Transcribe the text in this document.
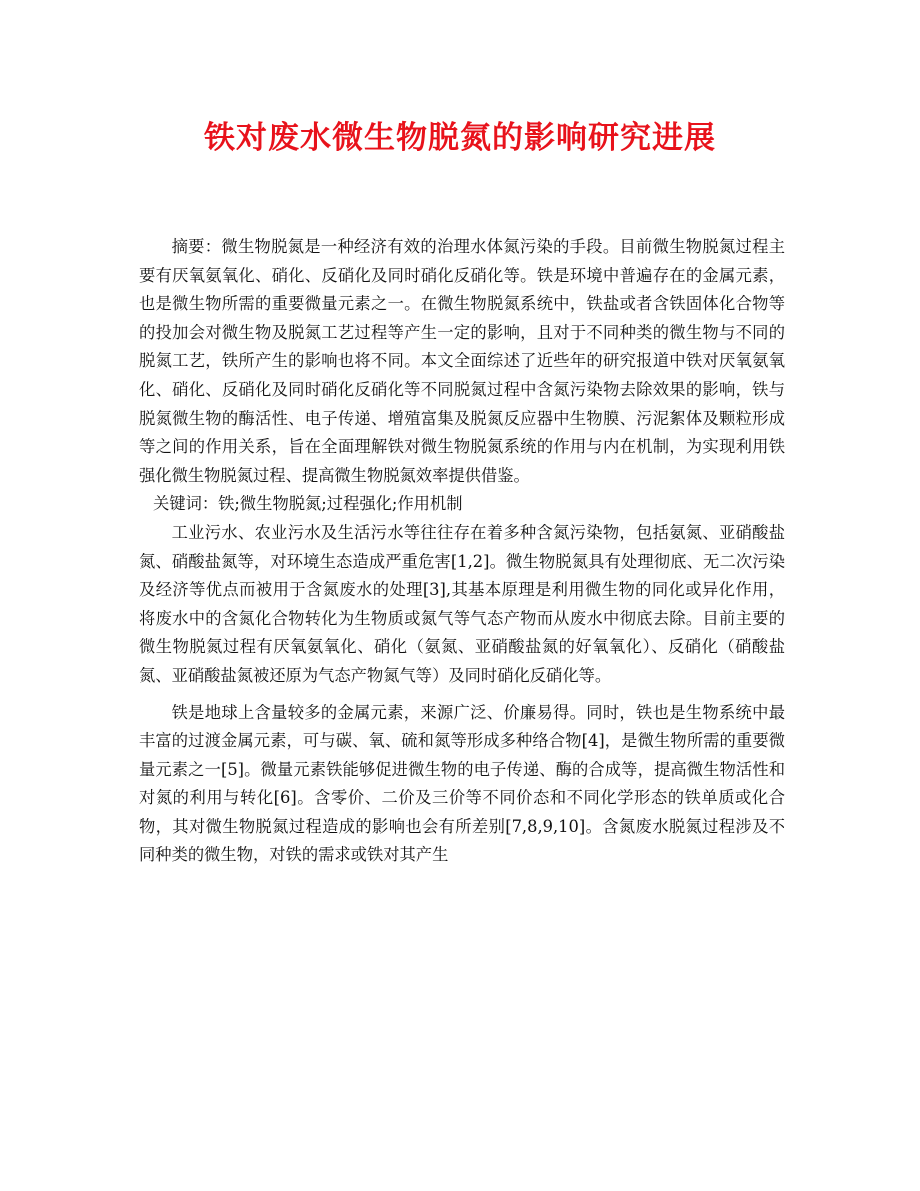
铁对废水微生物脱氮的影响研究进展

摘要：微生物脱氮是一种经济有效的治理水体氮污染的手段。目前微生物脱氮过程主要有厌氧氨氧化、硝化、反硝化及同时硝化反硝化等。铁是环境中普遍存在的金属元素，也是微生物所需的重要微量元素之一。在微生物脱氮系统中，铁盐或者含铁固体化合物等的投加会对微生物及脱氮工艺过程等产生一定的影响，且对于不同种类的微生物与不同的脱氮工艺，铁所产生的影响也将不同。本文全面综述了近些年的研究报道中铁对厌氧氨氧化、硝化、反硝化及同时硝化反硝化等不同脱氮过程中含氮污染物去除效果的影响，铁与脱氮微生物的酶活性、电子传递、增殖富集及脱氮反应器中生物膜、污泥絮体及颗粒形成等之间的作用关系，旨在全面理解铁对微生物脱氮系统的作用与内在机制，为实现利用铁强化微生物脱氮过程、提高微生物脱氮效率提供借鉴。

关键词：铁;微生物脱氮;过程强化;作用机制

工业污水、农业污水及生活污水等往往存在着多种含氮污染物，包括氨氮、亚硝酸盐氮、硝酸盐氮等，对环境生态造成严重危害[1,2]。微生物脱氮具有处理彻底、无二次污染及经济等优点而被用于含氮废水的处理[3],其基本原理是利用微生物的同化或异化作用，将废水中的含氮化合物转化为生物质或氮气等气态产物而从废水中彻底去除。目前主要的微生物脱氮过程有厌氧氨氧化、硝化（氨氮、亚硝酸盐氮的好氧氧化）、反硝化（硝酸盐氮、亚硝酸盐氮被还原为气态产物氮气等）及同时硝化反硝化等。

铁是地球上含量较多的金属元素，来源广泛、价廉易得。同时，铁也是生物系统中最丰富的过渡金属元素，可与碳、氧、硫和氮等形成多种络合物[4]，是微生物所需的重要微量元素之一[5]。微量元素铁能够促进微生物的电子传递、酶的合成等，提高微生物活性和对氮的利用与转化[6]。含零价、二价及三价等不同价态和不同化学形态的铁单质或化合物，其对微生物脱氮过程造成的影响也会有所差别[7,8,9,10]。含氮废水脱氮过程涉及不同种类的微生物，对铁的需求或铁对其产生
